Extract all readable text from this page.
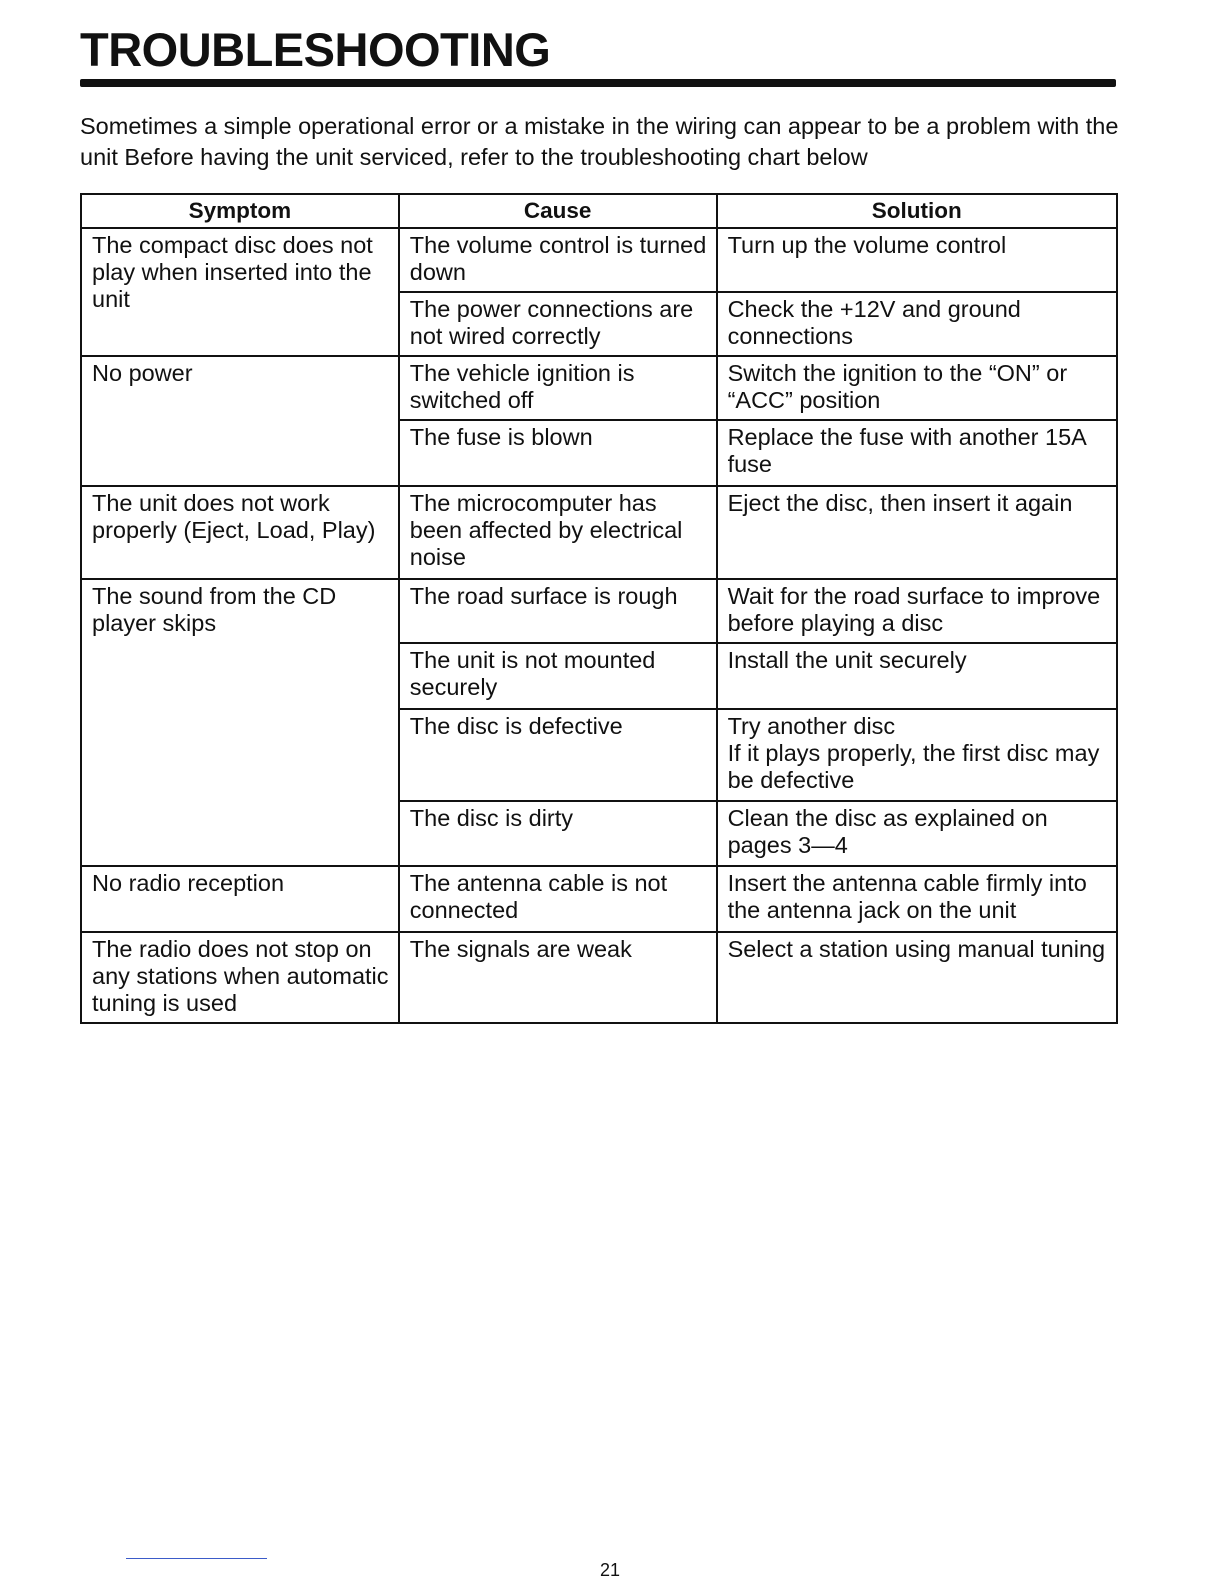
TROUBLESHOOTING

Sometimes a simple operational error or a mistake in the wiring can appear to be a problem with the unit Before having the unit serviced, refer to the troubleshooting chart below

Symptom	Cause	Solution
The compact disc does not play when inserted into the unit	The volume control is turned down	Turn up the volume control
	The power connections are not wired correctly	Check the +12V and ground connections
No power	The vehicle ignition is switched off	Switch the ignition to the “ON” or “ACC” position
	The fuse is blown	Replace the fuse with another 15A fuse
The unit does not work properly (Eject, Load, Play)	The microcomputer has been affected by electrical noise	Eject the disc, then insert it again
The sound from the CD player skips	The road surface is rough	Wait for the road surface to improve before playing a disc
	The unit is not mounted securely	Install the unit securely
	The disc is defective	Try another disc
If it plays properly, the first disc may be defective
	The disc is dirty	Clean the disc as explained on pages 3—4
No radio reception	The antenna cable is not connected	Insert the antenna cable firmly into the antenna jack on the unit
The radio does not stop on any stations when automatic tuning is used	The signals are weak	Select a station using manual tuning
21
